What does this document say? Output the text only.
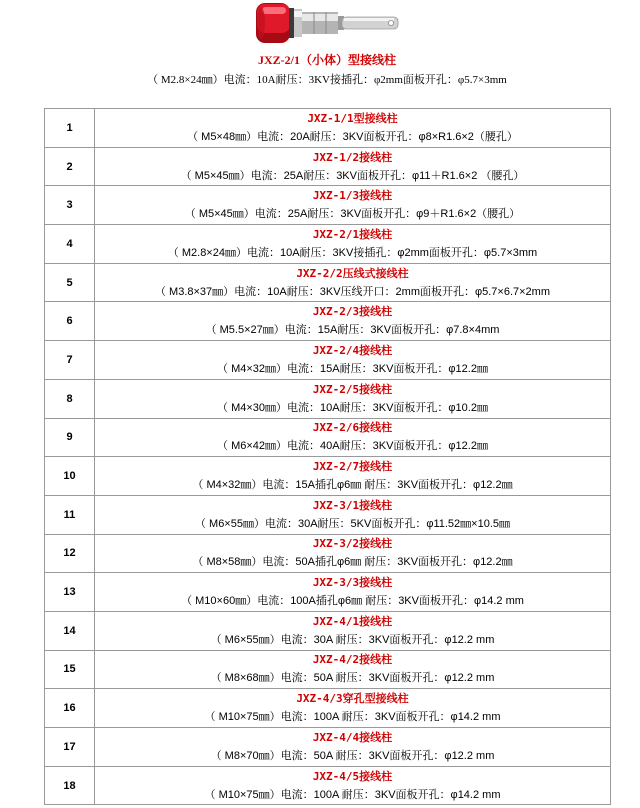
JXZ-2/1（小体）型接线柱
（ M2.8×24㎜）电流：10A耐压：3KV接插孔：φ2mm面板开孔：φ5.7×3mm
1	JXZ-1/1型接线柱
（ M5×48㎜）电流：20A耐压：3KV面板开孔：φ8×R1.6×2（腰孔）

2	JXZ-1/2接线柱
（ M5×45㎜）电流：25A耐压：3KV面板开孔：φ11＋R1.6×2 （腰孔）

3	JXZ-1/3接线柱
（ M5×45㎜）电流：25A耐压：3KV面板开孔：φ9＋R1.6×2（腰孔）

4	JXZ-2/1接线柱
（ M2.8×24㎜）电流：10A耐压：3KV接插孔：φ2mm面板开孔：φ5.7×3mm

5	JXZ-2/2压线式接线柱
（ M3.8×37㎜）电流：10A耐压：3KV压线开口：2mm面板开孔：φ5.7×6.7×2mm

6	JXZ-2/3接线柱
（ M5.5×27㎜）电流：15A耐压：3KV面板开孔：φ7.8×4mm

7	JXZ-2/4接线柱
（ M4×32㎜）电流：15A耐压：3KV面板开孔：φ12.2㎜

8	JXZ-2/5接线柱
（ M4×30㎜）电流：10A耐压：3KV面板开孔：φ10.2㎜

9	JXZ-2/6接线柱
（ M6×42㎜）电流：40A耐压：3KV面板开孔：φ12.2㎜

10	JXZ-2/7接线柱
（ M4×32㎜）电流：15A插孔φ6㎜ 耐压：3KV面板开孔：φ12.2㎜

11	JXZ-3/1接线柱
（ M6×55㎜）电流：30A耐压：5KV面板开孔：φ11.52㎜×10.5㎜

12	JXZ-3/2接线柱
（ M8×58㎜）电流：50A插孔φ6㎜ 耐压：3KV面板开孔：φ12.2㎜

13	JXZ-3/3接线柱
（ M10×60㎜）电流：100A插孔φ6㎜ 耐压：3KV面板开孔：φ14.2 mm

14	JXZ-4/1接线柱
（ M6×55㎜）电流：30A 耐压：3KV面板开孔：φ12.2 mm

15	JXZ-4/2接线柱
（ M8×68㎜）电流：50A 耐压：3KV面板开孔：φ12.2 mm

16	JXZ-4/3穿孔型接线柱
（ M10×75㎜）电流：100A 耐压：3KV面板开孔：φ14.2 mm

17	JXZ-4/4接线柱
（ M8×70㎜）电流：50A 耐压：3KV面板开孔：φ12.2 mm

18	JXZ-4/5接线柱
（ M10×75㎜）电流：100A 耐压：3KV面板开孔：φ14.2 mm
